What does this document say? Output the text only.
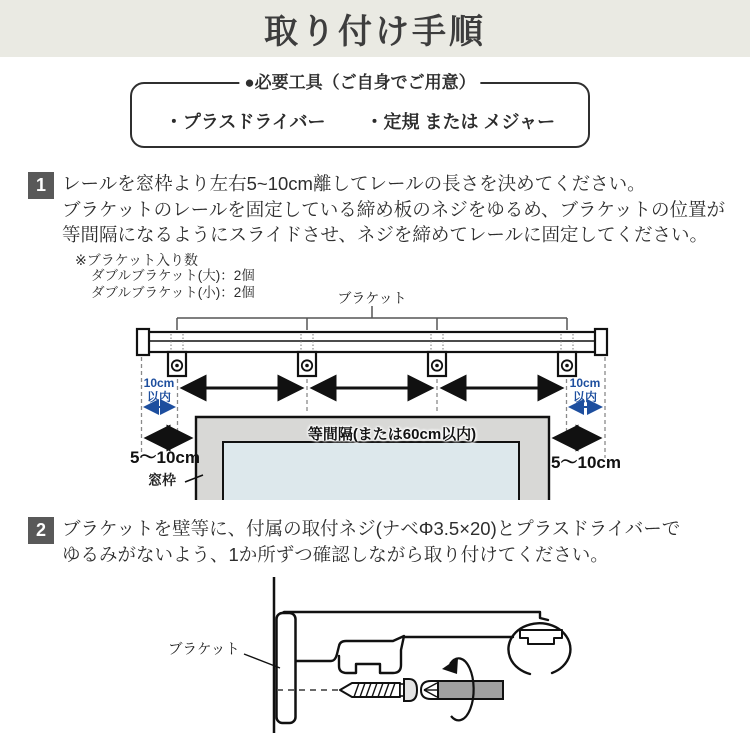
取り付け手順
●必要工具（ご自身でご用意）
・プラスドライバー ・定規 または メジャー
1 レールを窓枠より左右5~10cm離してレールの長さを決めてください。
ブラケットのレールを固定している締め板のネジをゆるめ、ブラケットの位置が
等間隔になるようにスライドさせ、ネジを締めてレールに固定してください。
※ブラケット入り数
ダブルブラケット(大)：2個
ダブルブラケット(小)：2個	ブラケット
10cm
以内
10cm
以内
等間隔(または60cm以内)
5～10cm	5～10cm
窓枠
2 ブラケットを壁等に、付属の取付ネジ(ナベΦ3.5×20)とプラスドライバーで
ゆるみがないよう、1か所ずつ確認しながら取り付けてください。
ブラケット
